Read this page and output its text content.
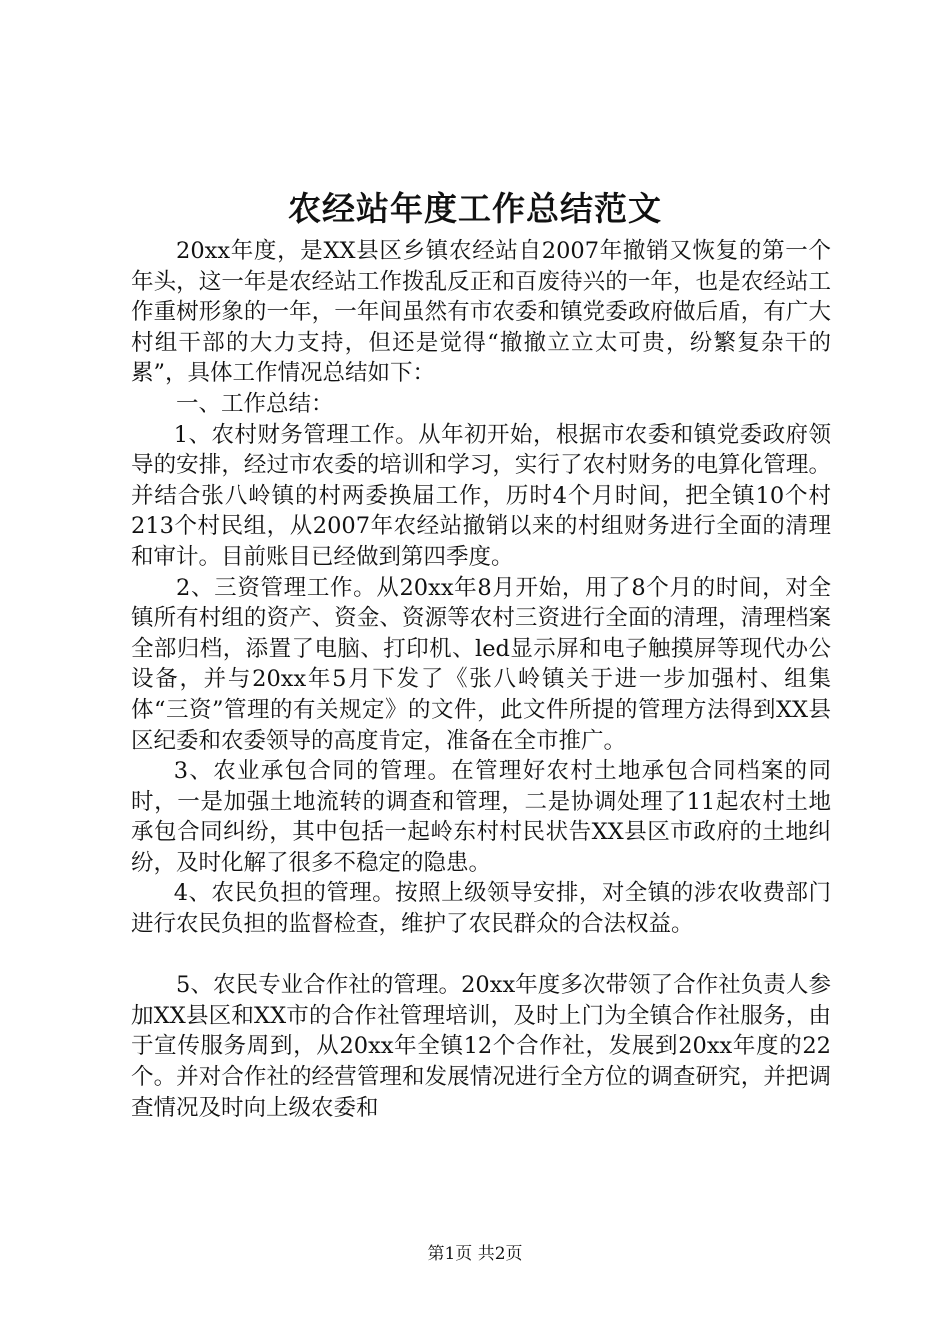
农经站年度工作总结范文

20xx年度，是XX县区乡镇农经站自2007年撤销又恢复的第一个年头，这一年是农经站工作拨乱反正和百废待兴的一年，也是农经站工作重树形象的一年，一年间虽然有市农委和镇党委政府做后盾，有广大村组干部的大力支持，但还是觉得“撤撤立立太可贵，纷繁复杂干的累”，具体工作情况总结如下：

一、工作总结：

1、农村财务管理工作。从年初开始，根据市农委和镇党委政府领导的安排，经过市农委的培训和学习，实行了农村财务的电算化管理。并结合张八岭镇的村两委换届工作，历时4个月时间，把全镇10个村213个村民组，从2007年农经站撤销以来的村组财务进行全面的清理和审计。目前账目已经做到第四季度。

2、三资管理工作。从20xx年8月开始，用了8个月的时间，对全镇所有村组的资产、资金、资源等农村三资进行全面的清理，清理档案全部归档，添置了电脑、打印机、led显示屏和电子触摸屏等现代办公设备，并与20xx年5月下发了《张八岭镇关于进一步加强村、组集体“三资”管理的有关规定》的文件，此文件所提的管理方法得到XX县区纪委和农委领导的高度肯定，准备在全市推广。

3、农业承包合同的管理。在管理好农村土地承包合同档案的同时，一是加强土地流转的调查和管理，二是协调处理了11起农村土地承包合同纠纷，其中包括一起岭东村村民状告XX县区市政府的土地纠纷，及时化解了很多不稳定的隐患。

4、农民负担的管理。按照上级领导安排，对全镇的涉农收费部门进行农民负担的监督检查，维护了农民群众的合法权益。

5、农民专业合作社的管理。20xx年度多次带领了合作社负责人参加XX县区和XX市的合作社管理培训，及时上门为全镇合作社服务，由于宣传服务周到，从20xx年全镇12个合作社，发展到20xx年度的22个。并对合作社的经营管理和发展情况进行全方位的调查研究，并把调查情况及时向上级农委和

第1页 共2页
